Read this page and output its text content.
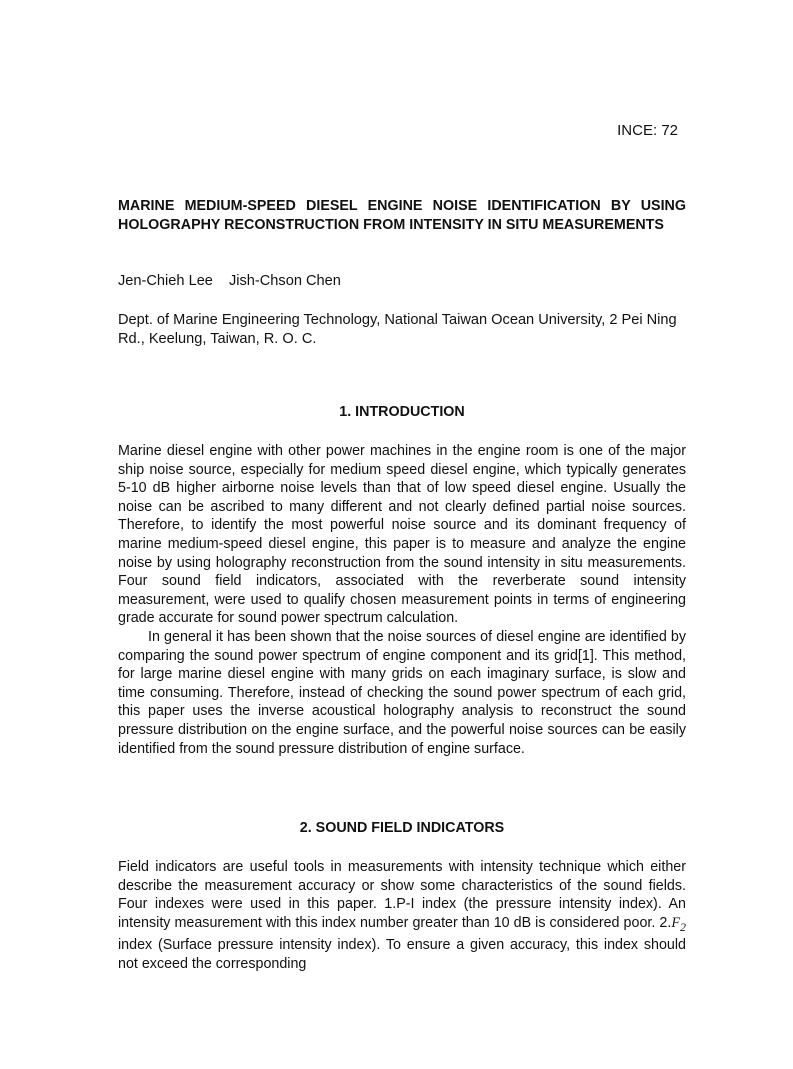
INCE: 72
MARINE MEDIUM-SPEED DIESEL ENGINE NOISE IDENTIFICATION BY USING HOLOGRAPHY RECONSTRUCTION FROM INTENSITY IN SITU MEASUREMENTS
Jen-Chieh Lee Jish-Chson Chen
Dept. of Marine Engineering Technology, National Taiwan Ocean University, 2 Pei Ning Rd., Keelung, Taiwan, R. O. C.
1. INTRODUCTION

Marine diesel engine with other power machines in the engine room is one of the major ship noise source, especially for medium speed diesel engine, which typically generates 5-10 dB higher airborne noise levels than that of low speed diesel engine. Usually the noise can be ascribed to many different and not clearly defined partial noise sources. Therefore, to identify the most powerful noise source and its dominant frequency of marine medium-speed diesel engine, this paper is to measure and analyze the engine noise by using holography reconstruction from the sound intensity in situ measurements. Four sound field indicators, associated with the reverberate sound intensity measurement, were used to qualify chosen measurement points in terms of engineering grade accurate for sound power spectrum calculation.

In general it has been shown that the noise sources of diesel engine are identified by comparing the sound power spectrum of engine component and its grid[1]. This method, for large marine diesel engine with many grids on each imaginary surface, is slow and time consuming. Therefore, instead of checking the sound power spectrum of each grid, this paper uses the inverse acoustical holography analysis to reconstruct the sound pressure distribution on the engine surface, and the powerful noise sources can be easily identified from the sound pressure distribution of engine surface.

2. SOUND FIELD INDICATORS

Field indicators are useful tools in measurements with intensity technique which either describe the measurement accuracy or show some characteristics of the sound fields. Four indexes were used in this paper. 1.P-I index (the pressure intensity index). An intensity measurement with this index number greater than 10 dB is considered poor. $2.F_2$ index (Surface pressure intensity index). To ensure a given accuracy, this index should not exceed the corresponding
